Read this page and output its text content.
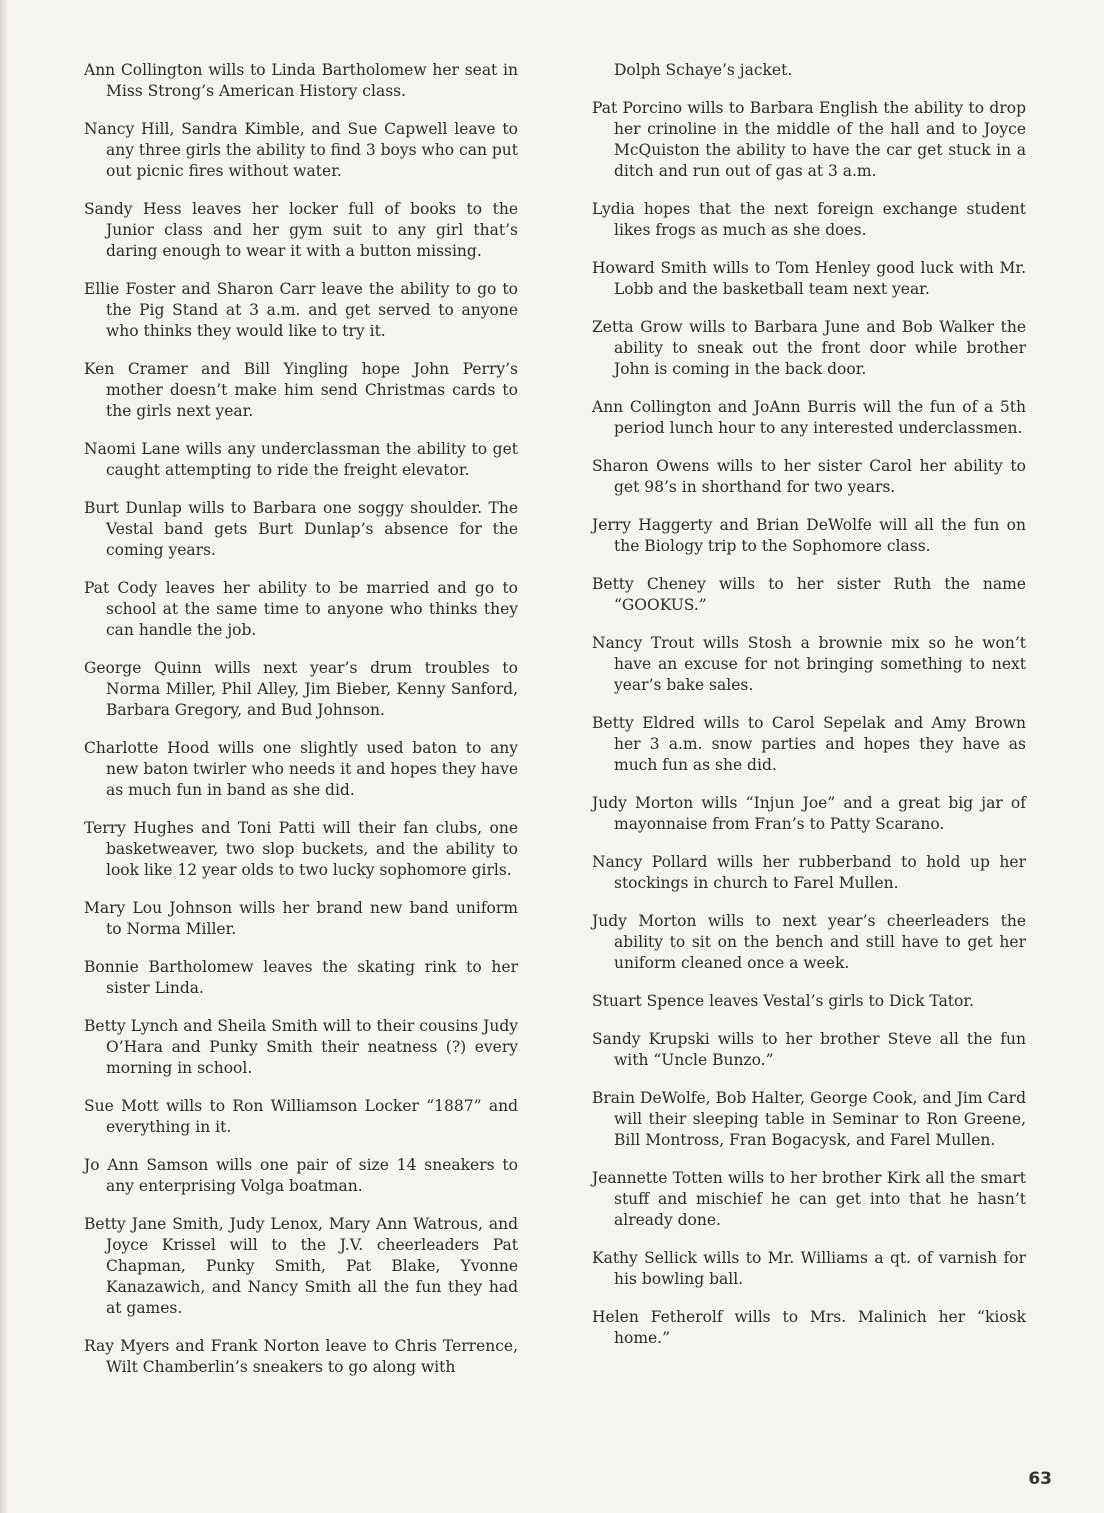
Ann Collington wills to Linda Bartholomew her seat in Miss Strong’s American History class.

Nancy Hill, Sandra Kimble, and Sue Capwell leave to any three girls the ability to find 3 boys who can put out picnic fires without water.

Sandy Hess leaves her locker full of books to the Junior class and her gym suit to any girl that’s daring enough to wear it with a button missing.

Ellie Foster and Sharon Carr leave the ability to go to the Pig Stand at 3 a.m. and get served to anyone who thinks they would like to try it.

Ken Cramer and Bill Yingling hope John Perry’s mother doesn’t make him send Christmas cards to the girls next year.

Naomi Lane wills any underclassman the ability to get caught attempting to ride the freight elevator.

Burt Dunlap wills to Barbara one soggy shoulder. The Vestal band gets Burt Dunlap’s absence for the coming years.

Pat Cody leaves her ability to be married and go to school at the same time to anyone who thinks they can handle the job.

George Quinn wills next year’s drum troubles to Norma Miller, Phil Alley, Jim Bieber, Kenny Sanford, Barbara Gregory, and Bud Johnson.

Charlotte Hood wills one slightly used baton to any new baton twirler who needs it and hopes they have as much fun in band as she did.

Terry Hughes and Toni Patti will their fan clubs, one basketweaver, two slop buckets, and the ability to look like 12 year olds to two lucky sophomore girls.

Mary Lou Johnson wills her brand new band uniform to Norma Miller.

Bonnie Bartholomew leaves the skating rink to her sister Linda.

Betty Lynch and Sheila Smith will to their cousins Judy O’Hara and Punky Smith their neatness (?) every morning in school.

Sue Mott wills to Ron Williamson Locker “1887” and everything in it.

Jo Ann Samson wills one pair of size 14 sneakers to any enterprising Volga boatman.

Betty Jane Smith, Judy Lenox, Mary Ann Watrous, and Joyce Krissel will to the J.V. cheerleaders Pat Chapman, Punky Smith, Pat Blake, Yvonne Kanazawich, and Nancy Smith all the fun they had at games.

Ray Myers and Frank Norton leave to Chris Terrence, Wilt Chamberlin’s sneakers to go along with

Dolph Schaye’s jacket.

Pat Porcino wills to Barbara English the ability to drop her crinoline in the middle of the hall and to Joyce McQuiston the ability to have the car get stuck in a ditch and run out of gas at 3 a.m.

Lydia hopes that the next foreign exchange student likes frogs as much as she does.

Howard Smith wills to Tom Henley good luck with Mr. Lobb and the basketball team next year.

Zetta Grow wills to Barbara June and Bob Walker the ability to sneak out the front door while brother John is coming in the back door.

Ann Collington and JoAnn Burris will the fun of a 5th period lunch hour to any interested underclassmen.

Sharon Owens wills to her sister Carol her ability to get 98’s in shorthand for two years.

Jerry Haggerty and Brian DeWolfe will all the fun on the Biology trip to the Sophomore class.

Betty Cheney wills to her sister Ruth the name “GOOKUS.”

Nancy Trout wills Stosh a brownie mix so he won’t have an excuse for not bringing something to next year’s bake sales.

Betty Eldred wills to Carol Sepelak and Amy Brown her 3 a.m. snow parties and hopes they have as much fun as she did.

Judy Morton wills “Injun Joe” and a great big jar of mayonnaise from Fran’s to Patty Scarano.

Nancy Pollard wills her rubberband to hold up her stockings in church to Farel Mullen.

Judy Morton wills to next year’s cheerleaders the ability to sit on the bench and still have to get her uniform cleaned once a week.

Stuart Spence leaves Vestal’s girls to Dick Tator.

Sandy Krupski wills to her brother Steve all the fun with “Uncle Bunzo.”

Brain DeWolfe, Bob Halter, George Cook, and Jim Card will their sleeping table in Seminar to Ron Greene, Bill Montross, Fran Bogacysk, and Farel Mullen.

Jeannette Totten wills to her brother Kirk all the smart stuff and mischief he can get into that he hasn’t already done.

Kathy Sellick wills to Mr. Williams a qt. of varnish for his bowling ball.

Helen Fetherolf wills to Mrs. Malinich her “kiosk home.”

63
